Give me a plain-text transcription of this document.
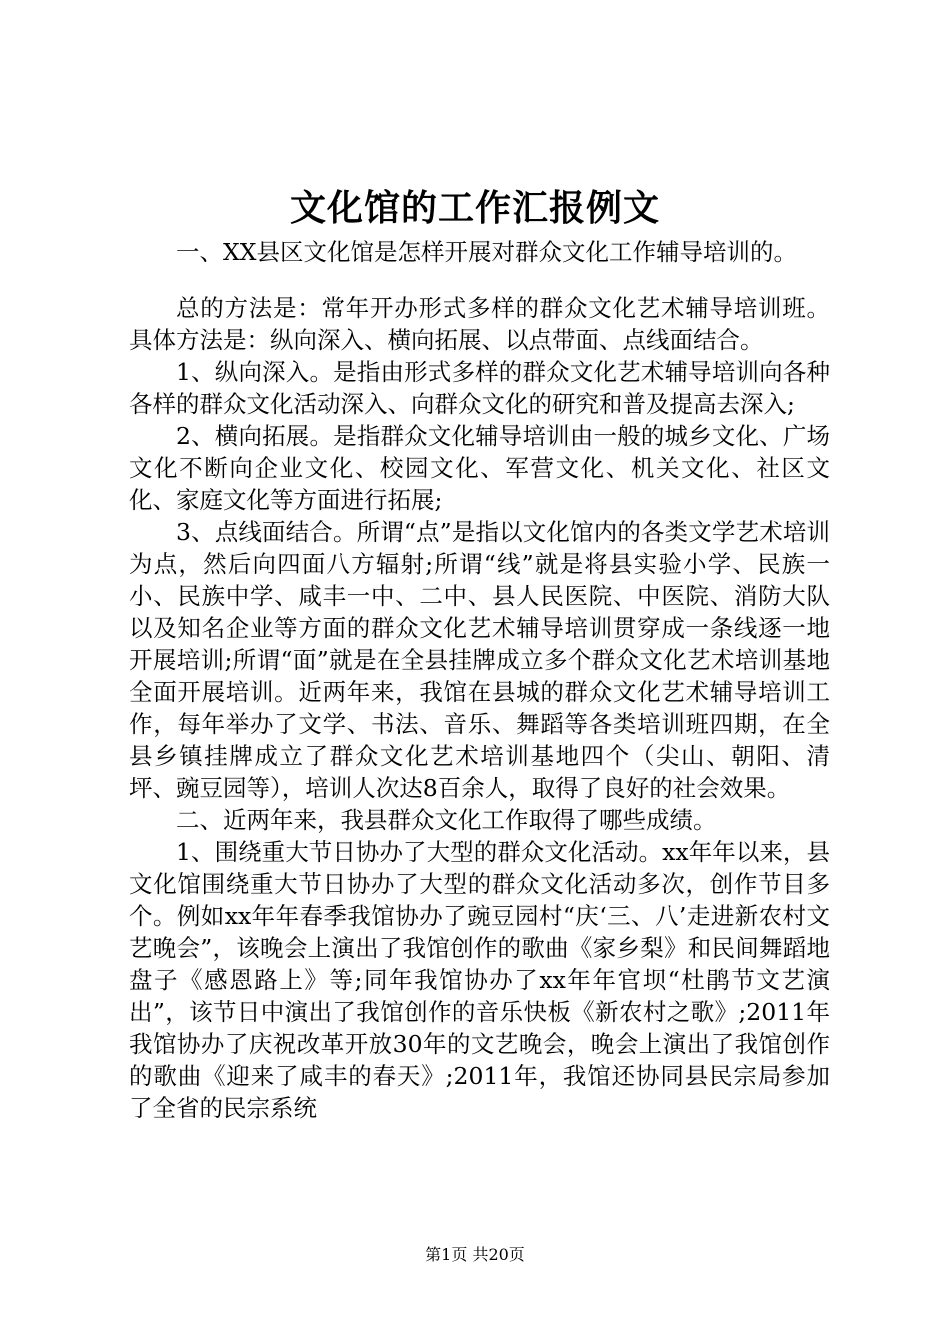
文化馆的工作汇报例文

一、XX县区文化馆是怎样开展对群众文化工作辅导培训的。

总的方法是：常年开办形式多样的群众文化艺术辅导培训班。具体方法是：纵向深入、横向拓展、以点带面、点线面结合。

1、纵向深入。是指由形式多样的群众文化艺术辅导培训向各种各样的群众文化活动深入、向群众文化的研究和普及提高去深入;

2、横向拓展。是指群众文化辅导培训由一般的城乡文化、广场文化不断向企业文化、校园文化、军营文化、机关文化、社区文化、家庭文化等方面进行拓展;

3、点线面结合。所谓“点”是指以文化馆内的各类文学艺术培训为点，然后向四面八方辐射;所谓“线”就是将县实验小学、民族一小、民族中学、咸丰一中、二中、县人民医院、中医院、消防大队以及知名企业等方面的群众文化艺术辅导培训贯穿成一条线逐一地开展培训;所谓“面”就是在全县挂牌成立多个群众文化艺术培训基地全面开展培训。近两年来，我馆在县城的群众文化艺术辅导培训工作，每年举办了文学、书法、音乐、舞蹈等各类培训班四期，在全县乡镇挂牌成立了群众文化艺术培训基地四个（尖山、朝阳、清坪、豌豆园等），培训人次达8百余人，取得了良好的社会效果。

二、近两年来，我县群众文化工作取得了哪些成绩。

1、围绕重大节日协办了大型的群众文化活动。xx年年以来，县文化馆围绕重大节日协办了大型的群众文化活动多次，创作节目多个。例如xx年年春季我馆协办了豌豆园村“庆‘三、八’走进新农村文艺晚会”，该晚会上演出了我馆创作的歌曲《家乡梨》和民间舞蹈地盘子《感恩路上》等;同年我馆协办了xx年年官坝“杜鹃节文艺演出”，该节日中演出了我馆创作的音乐快板《新农村之歌》;2011年我馆协办了庆祝改革开放30年的文艺晚会，晚会上演出了我馆创作的歌曲《迎来了咸丰的春天》;2011年，我馆还协同县民宗局参加了全省的民宗系统

第1页 共20页
